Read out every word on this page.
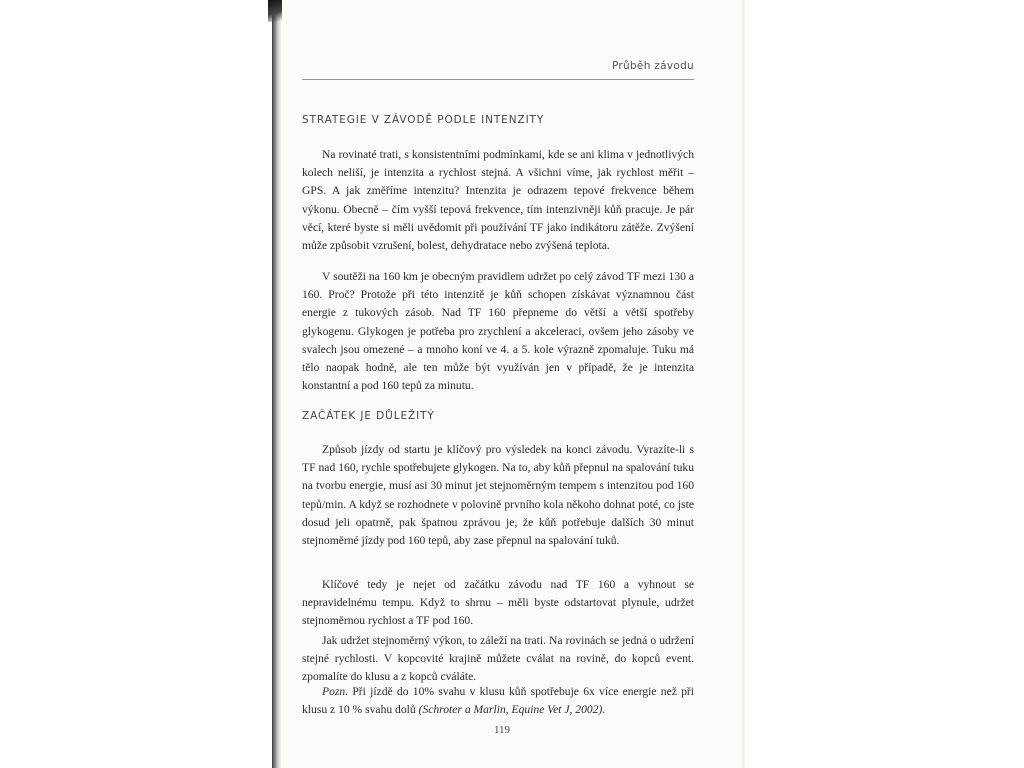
Průběh závodu
STRATEGIE V ZÁVODĚ PODLE INTENZITY

Na rovinaté trati, s konsistentními podmínkami, kde se ani klima v jednotlivých kolech neliší, je intenzita a rychlost stejná. A všichni víme, jak rychlost měřit – GPS. A jak změříme intenzitu? Intenzita je odrazem tepové frekvence během výkonu. Obecně – čím vyšší tepová frekvence, tím intenzivněji kůň pracuje. Je pár věcí, které byste si měli uvědomit při používání TF jako indikátoru zátěže. Zvýšení může způsobit vzrušení, bolest, dehydratace nebo zvýšená teplota.

V soutěži na 160 km je obecným pravidlem udržet po celý závod TF mezi 130 a 160. Proč? Protože při této intenzitě je kůň schopen získávat významnou část energie z tukových zásob. Nad TF 160 přepneme do větší a větší spotřeby glykogenu. Glykogen je potřeba pro zrychlení a akceleraci, ovšem jeho zásoby ve svalech jsou omezené – a mnoho koní ve 4. a 5. kole výrazně zpomaluje. Tuku má tělo naopak hodně, ale ten může být využíván jen v případě, že je intenzita konstantní a pod 160 tepů za minutu.

ZAČÁTEK JE DŮLEŽITÝ

Způsob jízdy od startu je klíčový pro výsledek na konci závodu. Vyrazíte-li s TF nad 160, rychle spotřebujete glykogen. Na to, aby kůň přepnul na spalování tuku na tvorbu energie, musí asi 30 minut jet stejnoměrným tempem s intenzitou pod 160 tepů/min. A když se rozhodnete v polovině prvního kola někoho dohnat poté, co jste dosud jeli opatrně, pak špatnou zprávou je, že kůň potřebuje dalších 30 minut stejnoměrné jízdy pod 160 tepů, aby zase přepnul na spalování tuků.

Klíčové tedy je nejet od začátku závodu nad TF 160 a vyhnout se nepravidelnému tempu. Když to shrnu – měli byste odstartovat plynule, udržet stejnoměrnou rychlost a TF pod 160.

Jak udržet stejnoměrný výkon, to záleží na trati. Na rovinách se jedná o udržení stejné rychlosti. V kopcovité krajině můžete cválat na rovině, do kopců event. zpomalíte do klusu a z kopců cváláte.

Pozn. Při jízdě do 10% svahu v klusu kůň spotřebuje 6x více energie než při klusu z 10 % svahu dolů (Schroter a Marlin, Equine Vet J, 2002).

119
